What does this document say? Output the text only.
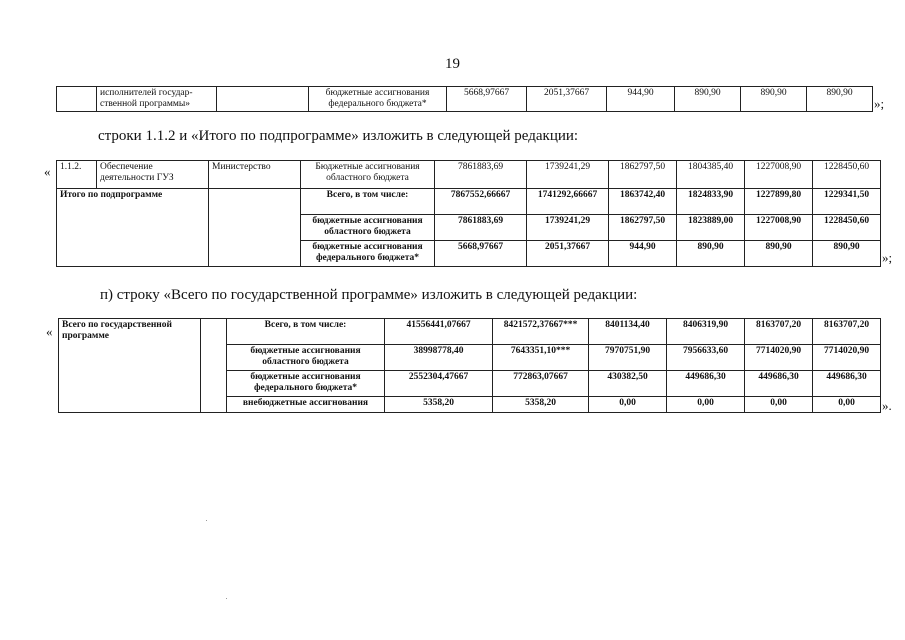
19
	исполнителей государ-ственной программы»		бюджетные ассигнования федерального бюджета*	5668,97667	2051,37667	944,90	890,90	890,90	890,90
»;
строки 1.1.2 и «Итого по подпрограмме» изложить в следующей редакции:
« 1.1.2.	Обеспечение деятельности ГУЗ	Министерство	Бюджетные ассигнования областного бюджета	7861883,69	1739241,29	1862797,50	1804385,40	1227008,90	1228450,60
Итого по подпрограмме			Всего, в том числе:	7867552,66667	1741292,66667	1863742,40	1824833,90	1227899,80	1229341,50
			бюджетные ассигнования областного бюджета	7861883,69	1739241,29	1862797,50	1823889,00	1227008,90	1228450,60
			бюджетные ассигнования федерального бюджета*	5668,97667	2051,37667	944,90	890,90	890,90	890,90
»;
п) строку «Всего по государственной программе» изложить в следующей редакции:
« Всего по государственной программе		Всего, в том числе:	41556441,07667	8421572,37667***	8401134,40	8406319,90	8163707,20	8163707,20
		бюджетные ассигнования областного бюджета	38998778,40	7643351,10***	7970751,90	7956633,60	7714020,90	7714020,90
		бюджетные ассигнования федерального бюджета*	2552304,47667	772863,07667	430382,50	449686,30	449686,30	449686,30
		внебюджетные ассигнования	5358,20	5358,20	0,00	0,00	0,00	0,00 ».
